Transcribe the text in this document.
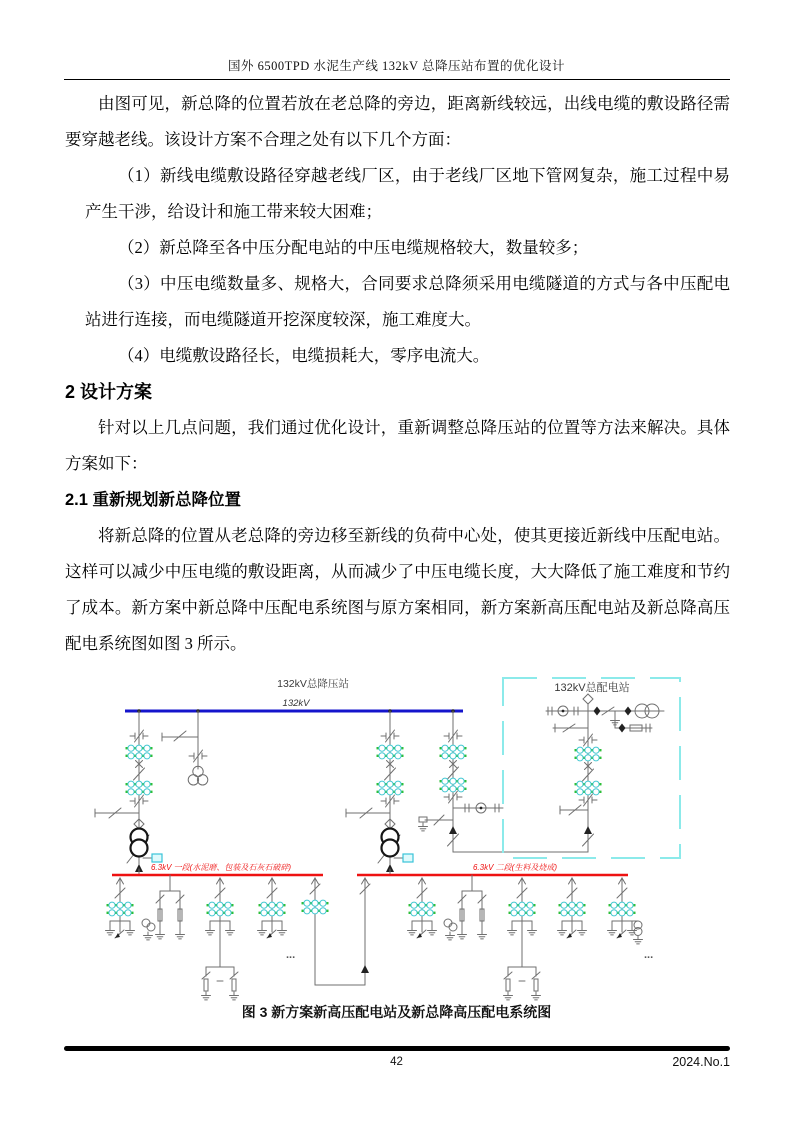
国外 6500TPD 水泥生产线 132kV 总降压站布置的优化设计

由图可见，新总降的位置若放在老总降的旁边，距离新线较远，出线电缆的敷设路径需要穿越老线。该设计方案不合理之处有以下几个方面：

（1）新线电缆敷设路径穿越老线厂区，由于老线厂区地下管网复杂，施工过程中易产生干涉，给设计和施工带来较大困难；

（2）新总降至各中压分配电站的中压电缆规格较大，数量较多；

（3）中压电缆数量多、规格大，合同要求总降须采用电缆隧道的方式与各中压配电站进行连接，而电缆隧道开挖深度较深，施工难度大。

（4）电缆敷设路径长，电缆损耗大，零序电流大。

2 设计方案

针对以上几点问题，我们通过优化设计，重新调整总降压站的位置等方法来解决。具体方案如下：

2.1 重新规划新总降位置

将新总降的位置从老总降的旁边移至新线的负荷中心处，使其更接近新线中压配电站。这样可以减少中压电缆的敷设距离，从而减少了中压电缆长度，大大降低了施工难度和节约了成本。新方案中新总降中压配电系统图与原方案相同，新方案新高压配电站及新总降高压配电系统图如图 3 所示。

132kV总降压站
132kV
132kV总配电站
6.3kV 一段(水泥磨、包装及石灰石破碎)
...
6.3kV 二段(生料及烧成)
...
图 3 新方案新高压配电站及新总降高压配电系统图
42	2024.No.1
